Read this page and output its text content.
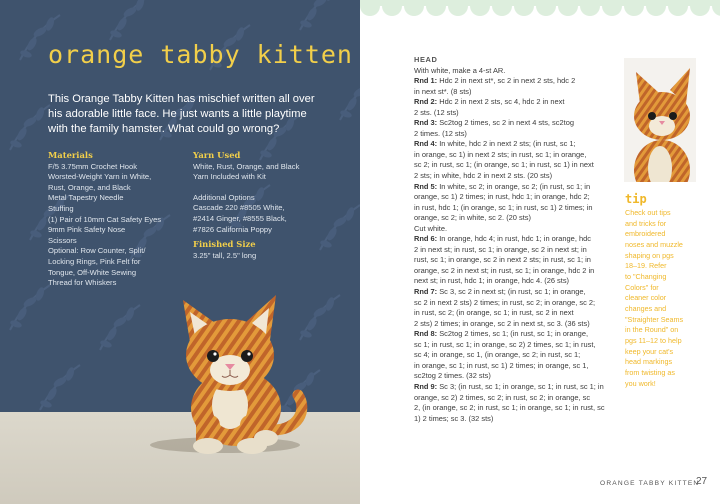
orange tabby kitten

This Orange Tabby Kitten has mischief written all over his adorable little face. He just wants a little playtime with the family hamster. What could go wrong?

Materials
F/5 3.75mm Crochet Hook
Worsted-Weight Yarn in White,
Rust, Orange, and Black
Metal Tapestry Needle
Stuffing
(1) Pair of 10mm Cat Safety Eyes
9mm Pink Safety Nose
Scissors
Optional: Row Counter, Split/
Locking Rings, Pink Felt for
Tongue, Off-White Sewing
Thread for Whiskers
Yarn Used
White, Rust, Orange, and Black
Yarn Included with Kit
Additional Options
Cascade 220 #8505 White,
#2414 Ginger, #8555 Black,
#7826 California Poppy
Finished Size
3.25" tall, 2.5" long
HEAD
With white, make a 4-st AR.
Rnd 1: Hdc 2 in next st*, sc 2 in next 2 sts, hdc 2
in next st*. (8 sts)
Rnd 2: Hdc 2 in next 2 sts, sc 4, hdc 2 in next
2 sts. (12 sts)
Rnd 3: Sc2tog 2 times, sc 2 in next 4 sts, sc2tog
2 times. (12 sts)
Rnd 4: In white, hdc 2 in next 2 sts; (in rust, sc 1;
in orange, sc 1) in next 2 sts; in rust, sc 1; in orange,
sc 2; in rust, sc 1; (in orange, sc 1; in rust, sc 1) in next
2 sts; in white, hdc 2 in next 2 sts. (20 sts)
Rnd 5: In white, sc 2; in orange, sc 2; (in rust, sc 1; in
orange, sc 1) 2 times; in rust, hdc 1; in orange, hdc 2;
in rust, hdc 1; (in orange, sc 1; in rust, sc 1) 2 times; in
orange, sc 2; in white, sc 2. (20 sts)
Cut white.
Rnd 6: In orange, hdc 4; in rust, hdc 1; in orange, hdc
2 in next st; in rust, sc 1; in orange, sc 2 in next st; in
rust, sc 1; in orange, sc 2 in next 2 sts; in rust, sc 1; in
orange, sc 2 in next st; in rust, sc 1; in orange, hdc 2 in
next st; in rust, hdc 1; in orange, hdc 4. (26 sts)
Rnd 7: Sc 3, sc 2 in next st; (in rust, sc 1; in orange,
sc 2 in next 2 sts) 2 times; in rust, sc 2; in orange, sc 2;
in rust, sc 2; (in orange, sc 1; in rust, sc 2 in next
2 sts) 2 times; in orange, sc 2 in next st, sc 3. (36 sts)
Rnd 8: Sc2tog 2 times, sc 1; (in rust, sc 1; in orange,
sc 1; in rust, sc 1; in orange, sc 2) 2 times, sc 1; in rust,
sc 4; in orange, sc 1, (in orange, sc 2; in rust, sc 1;
in orange, sc 1; in rust, sc 1) 2 times; in orange, sc 1,
sc2tog 2 times. (32 sts)
Rnd 9: Sc 3; (in rust, sc 1; in orange, sc 1; in rust, sc 1; in
orange, sc 2) 2 times, sc 2; in rust, sc 2; in orange, sc
2, (in orange, sc 2; in rust, sc 1; in orange, sc 1; in rust, sc
1) 2 times; sc 3. (32 sts)
tip
Check out tips
and tricks for
embroidered
noses and muzzle
shaping on pgs
18–19. Refer
to "Changing
Colors" for
cleaner color
changes and
"Straighter Seams
in the Round" on
pgs 11–12 to help
keep your cat's
head markings
from twisting as
you work!
ORANGE TABBY KITTEN
27
